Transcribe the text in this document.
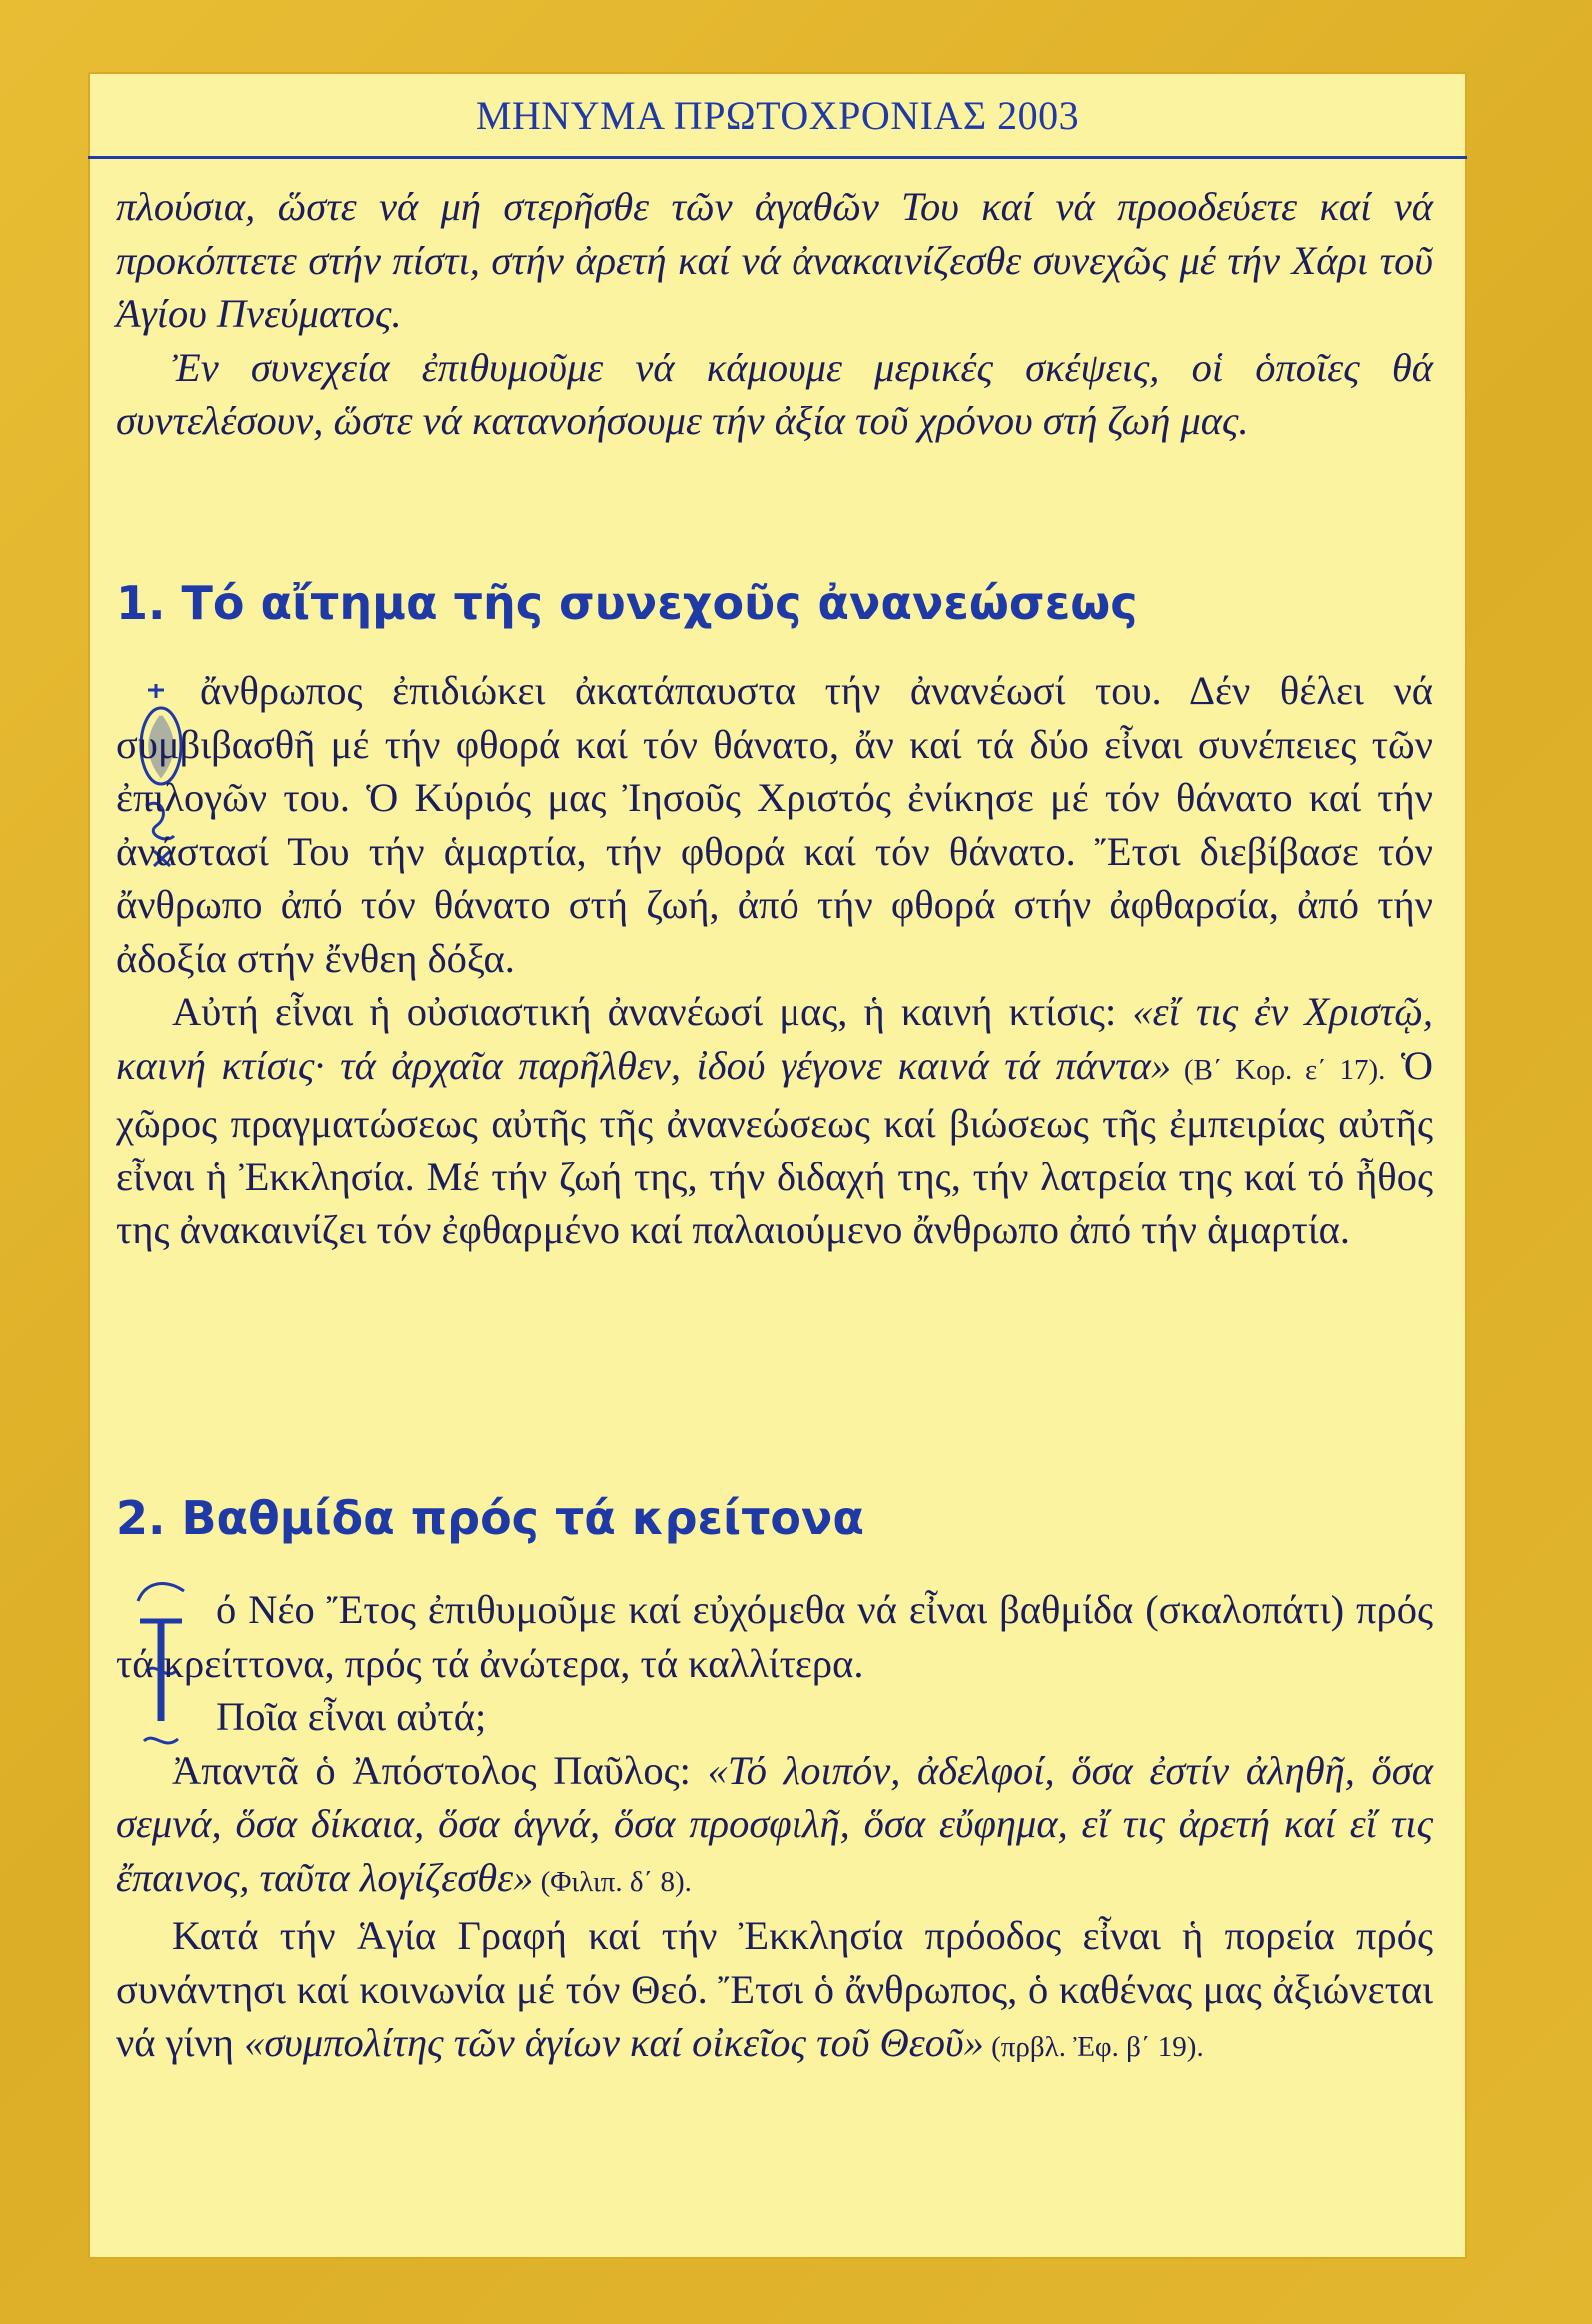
ΜΗΝΥΜΑ ΠΡΩΤΟΧΡΟΝΙΑΣ 2003

πλούσια, ὥστε νά μή στερῆσθε τῶν ἀγαθῶν Του καί νά προοδεύετε καί νά προκόπτετε στήν πίστι, στήν ἀρετή καί νά ἀνακαινίζεσθε συνεχῶς μέ τήν Χάρι τοῦ Ἁγίου Πνεύματος.

Ἐν συνεχεία ἐπιθυμοῦμε νά κάμουμε μερικές σκέψεις, οἱ ὁποῖες θά συντελέσουν, ὥστε νά κατανοήσουμε τήν ἀξία τοῦ χρόνου στή ζωή μας.

1. Τό αἴτημα τῆς συνεχοῦς ἀνανεώσεως

ἄνθρωπος ἐπιδιώκει ἀκατάπαυστα τήν ἀνανέωσί του. Δέν θέλει νά συμβιβασθῆ μέ τήν φθορά καί τόν θάνατο, ἄν καί τά δύο εἶναι συνέπειες τῶν ἐπιλογῶν του. Ὁ Κύριός μας Ἰησοῦς Χριστός ἐνίκησε μέ τόν θάνατο καί τήν ἀνάστασί Του τήν ἁμαρτία, τήν φθορά καί τόν θάνατο. Ἔτσι διεβίβασε τόν ἄνθρωπο ἀπό τόν θάνατο στή ζωή, ἀπό τήν φθορά στήν ἀφθαρσία, ἀπό τήν ἀδοξία στήν ἔνθεη δόξα.

Αὐτή εἶναι ἡ οὐσιαστική ἀνανέωσί μας, ἡ καινή κτίσις: «εἴ τις ἐν Χριστῷ, καινή κτίσις· τά ἀρχαῖα παρῆλθεν, ἰδού γέγονε καινά τά πάντα» (Β΄ Κορ. ε΄ 17). Ὁ χῶρος πραγματώσεως αὐτῆς τῆς ἀνανεώσεως καί βιώσεως τῆς ἐμπειρίας αὐτῆς εἶναι ἡ Ἐκκλησία. Μέ τήν ζωή της, τήν διδαχή της, τήν λατρεία της καί τό ἦθος της ἀνακαινίζει τόν ἐφθαρμένο καί παλαιούμενο ἄνθρωπο ἀπό τήν ἁμαρτία.

2. Βαθμίδα πρός τά κρείτονα

ό Νέο Ἔτος ἐπιθυμοῦμε καί εὐχόμεθα νά εἶναι βαθμίδα (σκαλοπάτι) πρός τά κρείττονα, πρός τά ἀνώτερα, τά καλλίτερα.

Ποῖα εἶναι αὐτά;

Ἀπαντᾶ ὁ Ἀπόστολος Παῦλος: «Τό λοιπόν, ἀδελφοί, ὅσα ἐστίν ἀληθῆ, ὅσα σεμνά, ὅσα δίκαια, ὅσα ἁγνά, ὅσα προσφιλῆ, ὅσα εὔφημα, εἴ τις ἀρετή καί εἴ τις ἔπαινος, ταῦτα λογίζεσθε» (Φιλιπ. δ΄ 8).

Κατά τήν Ἁγία Γραφή καί τήν Ἐκκλησία πρόοδος εἶναι ἡ πορεία πρός συνάντησι καί κοινωνία μέ τόν Θεό. Ἔτσι ὁ ἄνθρωπος, ὁ καθένας μας ἀξιώνεται νά γίνη «συμπολίτης τῶν ἁγίων καί οἰκεῖος τοῦ Θεοῦ» (πρβλ. Ἐφ. β΄ 19).
